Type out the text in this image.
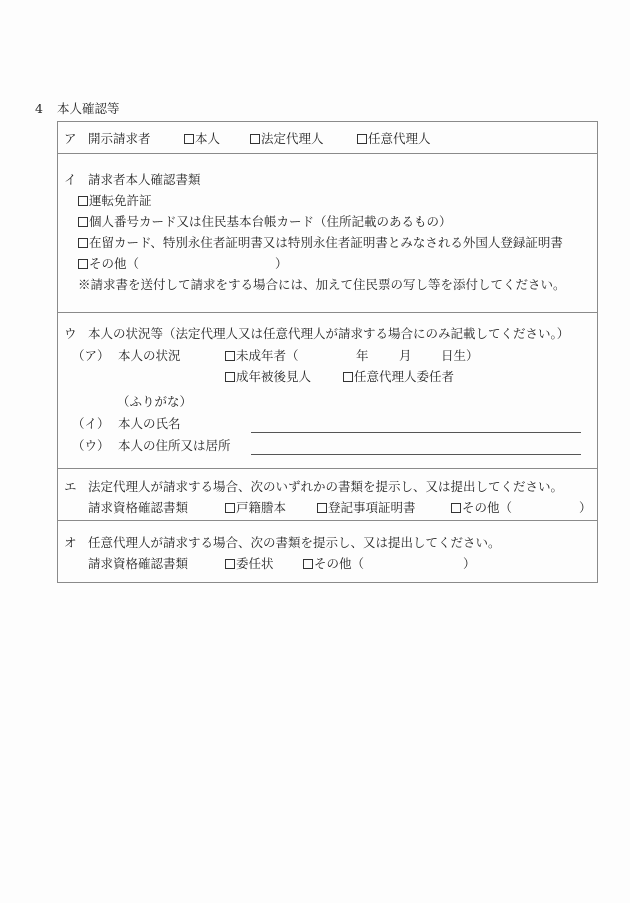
4 本人確認等
ア 開示請求者	本人	法定代理人	任意代理人
イ 請求者本人確認書類
運転免許証
個人番号カード又は住民基本台帳カード（住所記載のあるもの）
在留カード、特別永住者証明書又は特別永住者証明書とみなされる外国人登録証明書
その他（	）
※請求書を送付して請求をする場合には、加えて住民票の写し等を添付してください。
ウ 本人の状況等（法定代理人又は任意代理人が請求する場合にのみ記載してください。）
（ア） 本人の状況	未成年者（	年 月 日生）
成年被後見人	任意代理人委任者
（ふりがな）
（イ） 本人の氏名
（ウ） 本人の住所又は居所
エ 法定代理人が請求する場合、次のいずれかの書類を提示し、又は提出してください。
請求資格確認書類	戸籍謄本	登記事項証明書	その他（	）
オ 任意代理人が請求する場合、次の書類を提示し、又は提出してください。
請求資格確認書類	委任状	その他（	）
